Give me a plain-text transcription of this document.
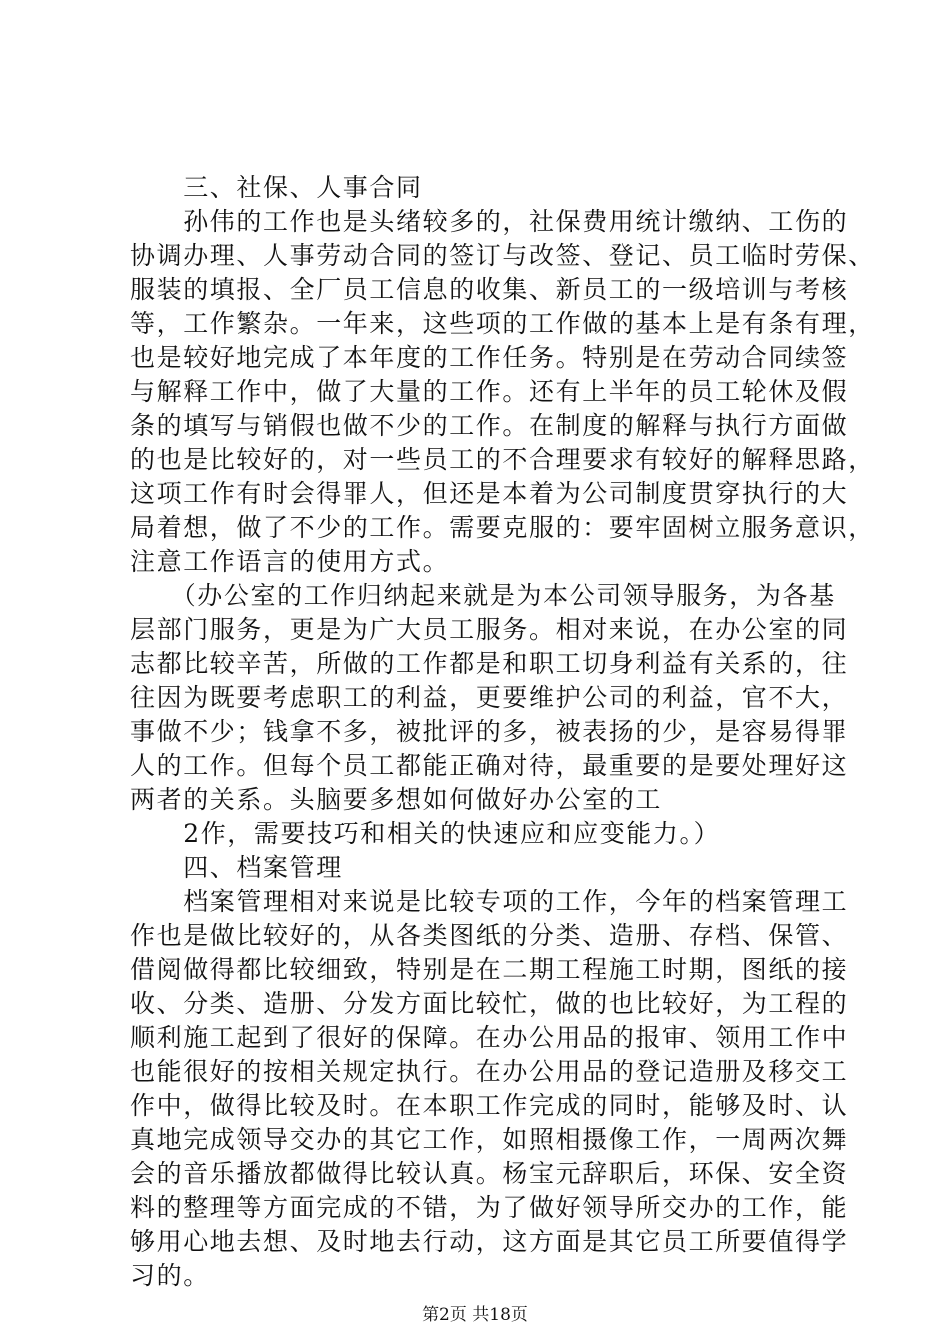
　　三、社保、人事合同
　　孙伟的工作也是头绪较多的，社保费用统计缴纳、工伤的
协调办理、人事劳动合同的签订与改签、登记、员工临时劳保、
服装的填报、全厂员工信息的收集、新员工的一级培训与考核
等，工作繁杂。一年来，这些项的工作做的基本上是有条有理，
也是较好地完成了本年度的工作任务。特别是在劳动合同续签
与解释工作中，做了大量的工作。还有上半年的员工轮休及假
条的填写与销假也做不少的工作。在制度的解释与执行方面做
的也是比较好的，对一些员工的不合理要求有较好的解释思路，
这项工作有时会得罪人，但还是本着为公司制度贯穿执行的大
局着想，做了不少的工作。需要克服的：要牢固树立服务意识，
注意工作语言的使用方式。
　　（办公室的工作归纳起来就是为本公司领导服务，为各基
层部门服务，更是为广大员工服务。相对来说，在办公室的同
志都比较辛苦，所做的工作都是和职工切身利益有关系的，往
往因为既要考虑职工的利益，更要维护公司的利益，官不大，
事做不少；钱拿不多，被批评的多，被表扬的少，是容易得罪
人的工作。但每个员工都能正确对待，最重要的是要处理好这
两者的关系。头脑要多想如何做好办公室的工
　　2作，需要技巧和相关的快速应和应变能力。）
　　四、档案管理
　　档案管理相对来说是比较专项的工作，今年的档案管理工
作也是做比较好的，从各类图纸的分类、造册、存档、保管、
借阅做得都比较细致，特别是在二期工程施工时期，图纸的接
收、分类、造册、分发方面比较忙，做的也比较好，为工程的
顺利施工起到了很好的保障。在办公用品的报审、领用工作中
也能很好的按相关规定执行。在办公用品的登记造册及移交工
作中，做得比较及时。在本职工作完成的同时，能够及时、认
真地完成领导交办的其它工作，如照相摄像工作，一周两次舞
会的音乐播放都做得比较认真。杨宝元辞职后，环保、安全资
料的整理等方面完成的不错，为了做好领导所交办的工作，能
够用心地去想、及时地去行动，这方面是其它员工所要值得学
习的。
第2页 共18页
